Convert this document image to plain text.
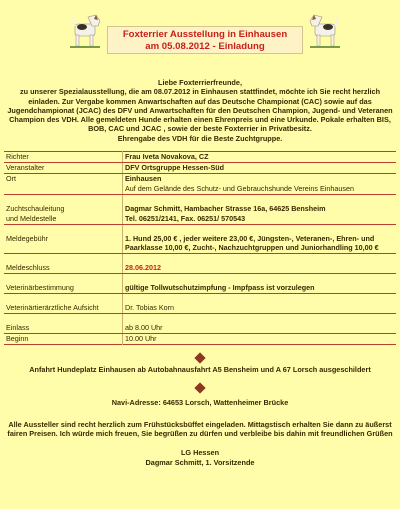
Foxterrier Ausstellung in Einhausen
am 05.08.2012 - Einladung
Liebe Foxterrierfreunde,
zu unserer Spezialausstellung, die am 08.07.2012 in Einhausen stattfindet, möchte ich Sie recht herzlich einladen. Zur Vergabe kommen Anwartschaften auf das Deutsche Championat (CAC) sowie auf das Jugendchampionat (JCAC) des DFV und Anwartschaften für den Deutschen Champion, Jugend- und Veteranen Champion des VDH. Alle gemeldeten Hunde erhalten einen Ehrenpreis und eine Urkunde. Pokale erhalten BIS, BOB, CAC und JCAC , sowie der beste Foxterrier in Privatbesitz.
Ehrengabe des VDH für die Beste Zuchtgruppe.
Richter	Frau Iveta Novakova, CZ
Veranstalter	DFV Ortsgruppe Hessen-Süd
Ort	Einhausen
	Auf dem Gelände des Schutz- und Gebrauchshunde Vereins Einhausen

Zuchtschauleitung	Dagmar Schmitt, Hambacher Strasse 16a, 64625 Bensheim
und Meldestelle	Tel. 06251/2141, Fax. 06251/ 570543

Meldegebühr	1. Hund 25,00 € , jeder weitere 23,00 €, Jüngsten-, Veteranen-, Ehren- und Paarklasse 10,00 €, Zucht-, Nachzuchtgruppen und Juniorhandling 10,00 €

Meldeschluss	28.06.2012

Veterinärbestimmung	gültige Tollwutschutzimpfung - Impfpass ist vorzulegen

Veterinärtierärztliche Aufsicht	Dr. Tobias Korn

Einlass	ab 8.00 Uhr
Beginn	10.00 Uhr
Anfahrt Hundeplatz Einhausen ab Autobahnausfahrt A5 Bensheim und A 67 Lorsch ausgeschildert
Navi-Adresse: 64653 Lorsch, Wattenheimer Brücke
Alle Aussteller sind recht herzlich zum Frühstücksbüffet eingeladen. Mittagstisch erhalten Sie dann zu äußerst fairen Preisen. Ich würde mich freuen, Sie begrüßen zu dürfen und verbleibe bis dahin mit freundlichen Grüßen
LG Hessen
Dagmar Schmitt, 1. Vorsitzende
